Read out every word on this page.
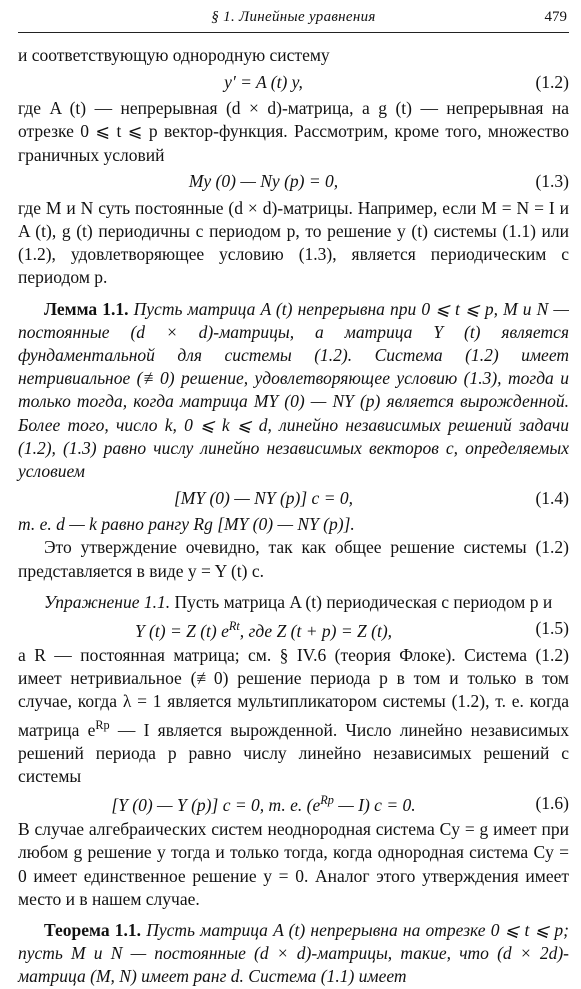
§ 1. Линейные уравнения	479

и соответствующую однородную систему

y′ = A (t) y,	(1.2)

где A (t) — непрерывная (d × d)-матрица, а g (t) — непрерывная на отрезке 0 ⩽ t ⩽ p вектор-функция. Рассмотрим, кроме того, множество граничных условий

My (0) — Ny (p) = 0,	(1.3)

где M и N суть постоянные (d × d)-матрицы. Например, если M = N = I и A (t), g (t) периодичны с периодом p, то решение y (t) системы (1.1) или (1.2), удовлетворяющее условию (1.3), является периодическим с периодом p.

Лемма 1.1. Пусть матрица A (t) непрерывна при 0 ⩽ t ⩽ p, M и N — постоянные (d × d)-матрицы, а матрица Y (t) является фундаментальной для системы (1.2). Система (1.2) имеет нетривиальное (≢0) решение, удовлетворяющее условию (1.3), тогда и только тогда, когда матрица MY (0) — NY (p) является вырожденной. Более того, число k, 0 ⩽ k ⩽ d, линейно независимых решений задачи (1.2), (1.3) равно числу линейно независимых векторов c, определяемых условием

[MY (0) — NY (p)] c = 0,	(1.4)

т. е. d — k равно рангу Rg [MY (0) — NY (p)].

Это утверждение очевидно, так как общее решение системы (1.2) представляется в виде y = Y (t) c.

Упражнение 1.1. Пусть матрица A (t) периодическая с периодом p и

Y (t) = Z (t) $e^{Rt}$, где Z (t + p) = Z (t),	(1.5)

а R — постоянная матрица; см. § IV.6 (теория Флоке). Система (1.2) имеет нетривиальное (≢0) решение периода p в том и только в том случае, когда λ = 1 является мультипликатором системы (1.2), т. е. когда матрица $e^{Rp}$ — I является вырожденной. Число линейно независимых решений периода p равно числу линейно независимых решений c системы

[Y (0) — Y (p)] c = 0, т. е. ($e^{Rp}$ — I) c = 0.	(1.6)

В случае алгебраических систем неоднородная система Cy = g имеет при любом g решение y тогда и только тогда, когда однородная система Cy = 0 имеет единственное решение y = 0. Аналог этого утверждения имеет место и в нашем случае.

Теорема 1.1. Пусть матрица A (t) непрерывна на отрезке 0 ⩽ t ⩽ p; пусть M и N — постоянные (d × d)-матрицы, такие, что (d × 2d)-матрица (M, N) имеет ранг d. Система (1.1) имеет
